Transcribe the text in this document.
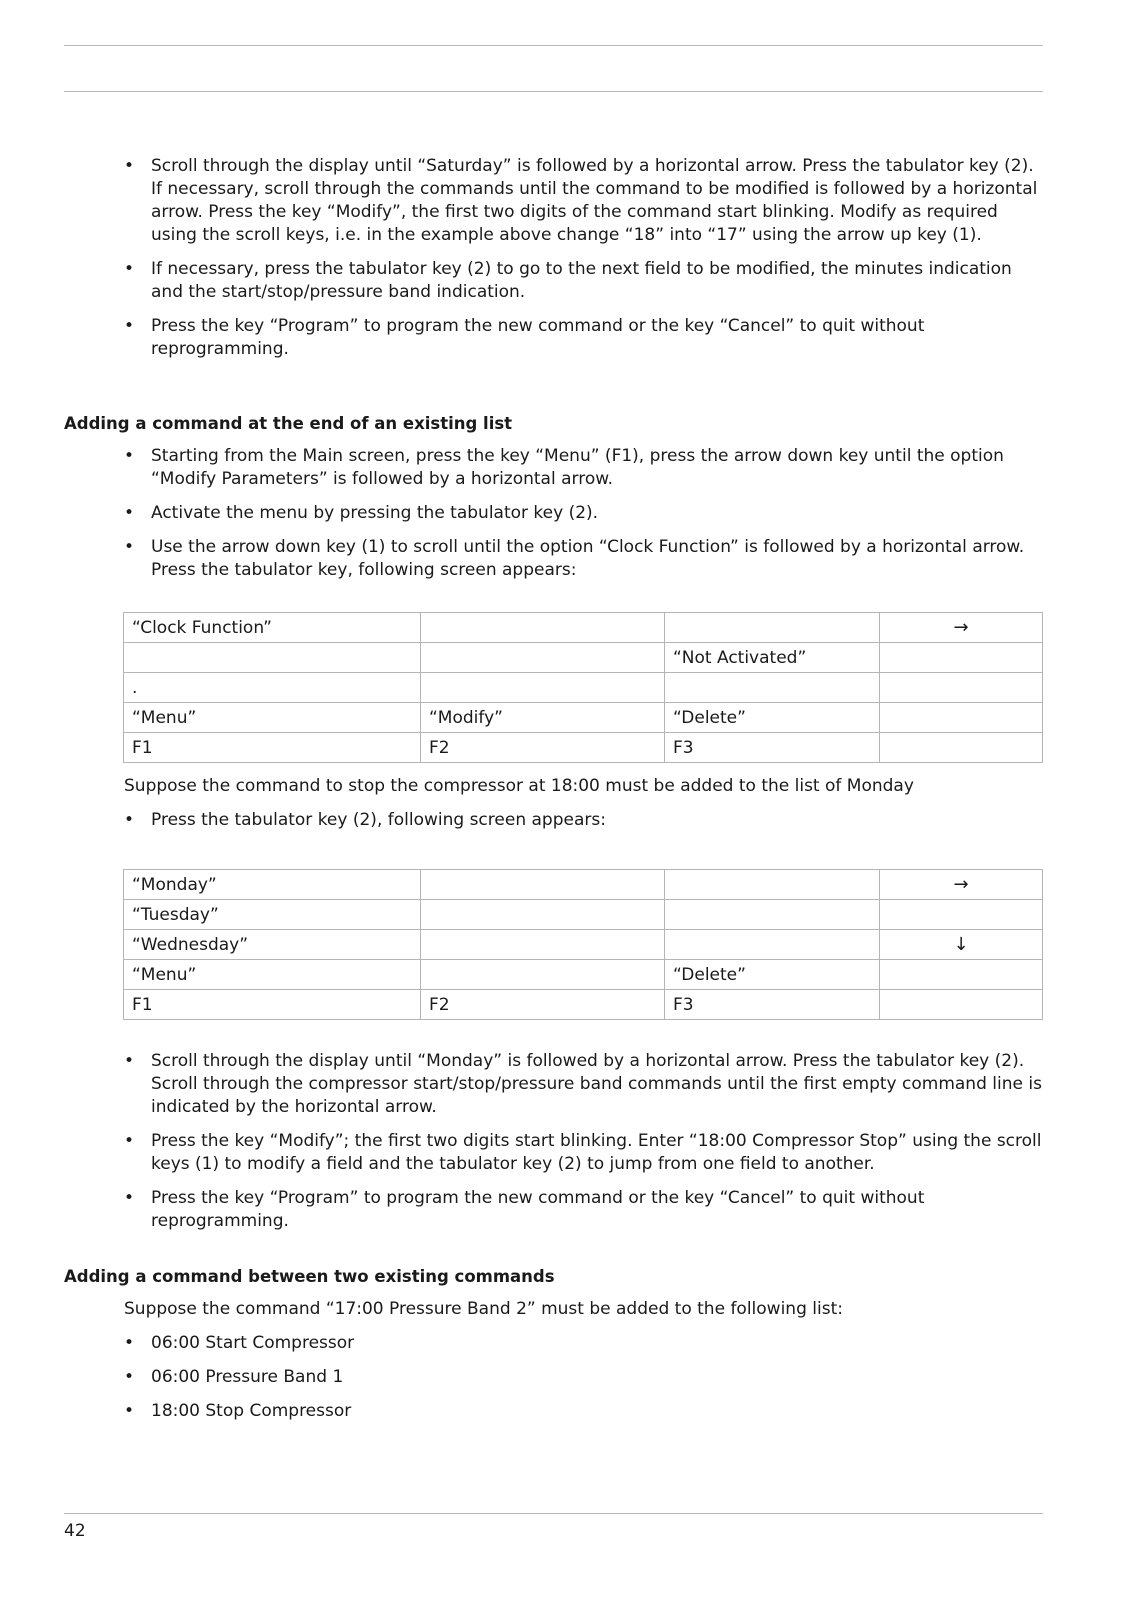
• Scroll through the display until “Saturday” is followed by a horizontal arrow. Press the tabulator key (2). If necessary, scroll through the commands until the command to be modified is followed by a horizontal arrow. Press the key “Modify”, the first two digits of the command start blinking. Modify as required using the scroll keys, i.e. in the example above change “18” into “17” using the arrow up key (1).
• If necessary, press the tabulator key (2) to go to the next field to be modified, the minutes indication and the start/stop/pressure band indication.
• Press the key “Program” to program the new command or the key “Cancel” to quit without reprogramming.
Adding a command at the end of an existing list
• Starting from the Main screen, press the key “Menu” (F1), press the arrow down key until the option “Modify Parameters” is followed by a horizontal arrow.
• Activate the menu by pressing the tabulator key (2).
• Use the arrow down key (1) to scroll until the option “Clock Function” is followed by a horizontal arrow. Press the tabulator key, following screen appears:
“Clock Function”			→
		“Not Activated”	
.			
“Menu”	“Modify”	“Delete”	
F1	F2	F3	
Suppose the command to stop the compressor at 18:00 must be added to the list of Monday
• Press the tabulator key (2), following screen appears:
“Monday”			→
“Tuesday”			
“Wednesday”			↓
“Menu”		“Delete”	
F1	F2	F3	
• Scroll through the display until “Monday” is followed by a horizontal arrow. Press the tabulator key (2). Scroll through the compressor start/stop/pressure band commands until the first empty command line is indicated by the horizontal arrow.
• Press the key “Modify”; the first two digits start blinking. Enter “18:00 Compressor Stop” using the scroll keys (1) to modify a field and the tabulator key (2) to jump from one field to another.
• Press the key “Program” to program the new command or the key “Cancel” to quit without reprogramming.
Adding a command between two existing commands
Suppose the command “17:00 Pressure Band 2” must be added to the following list:
• 06:00 Start Compressor
• 06:00 Pressure Band 1
• 18:00 Stop Compressor
42
